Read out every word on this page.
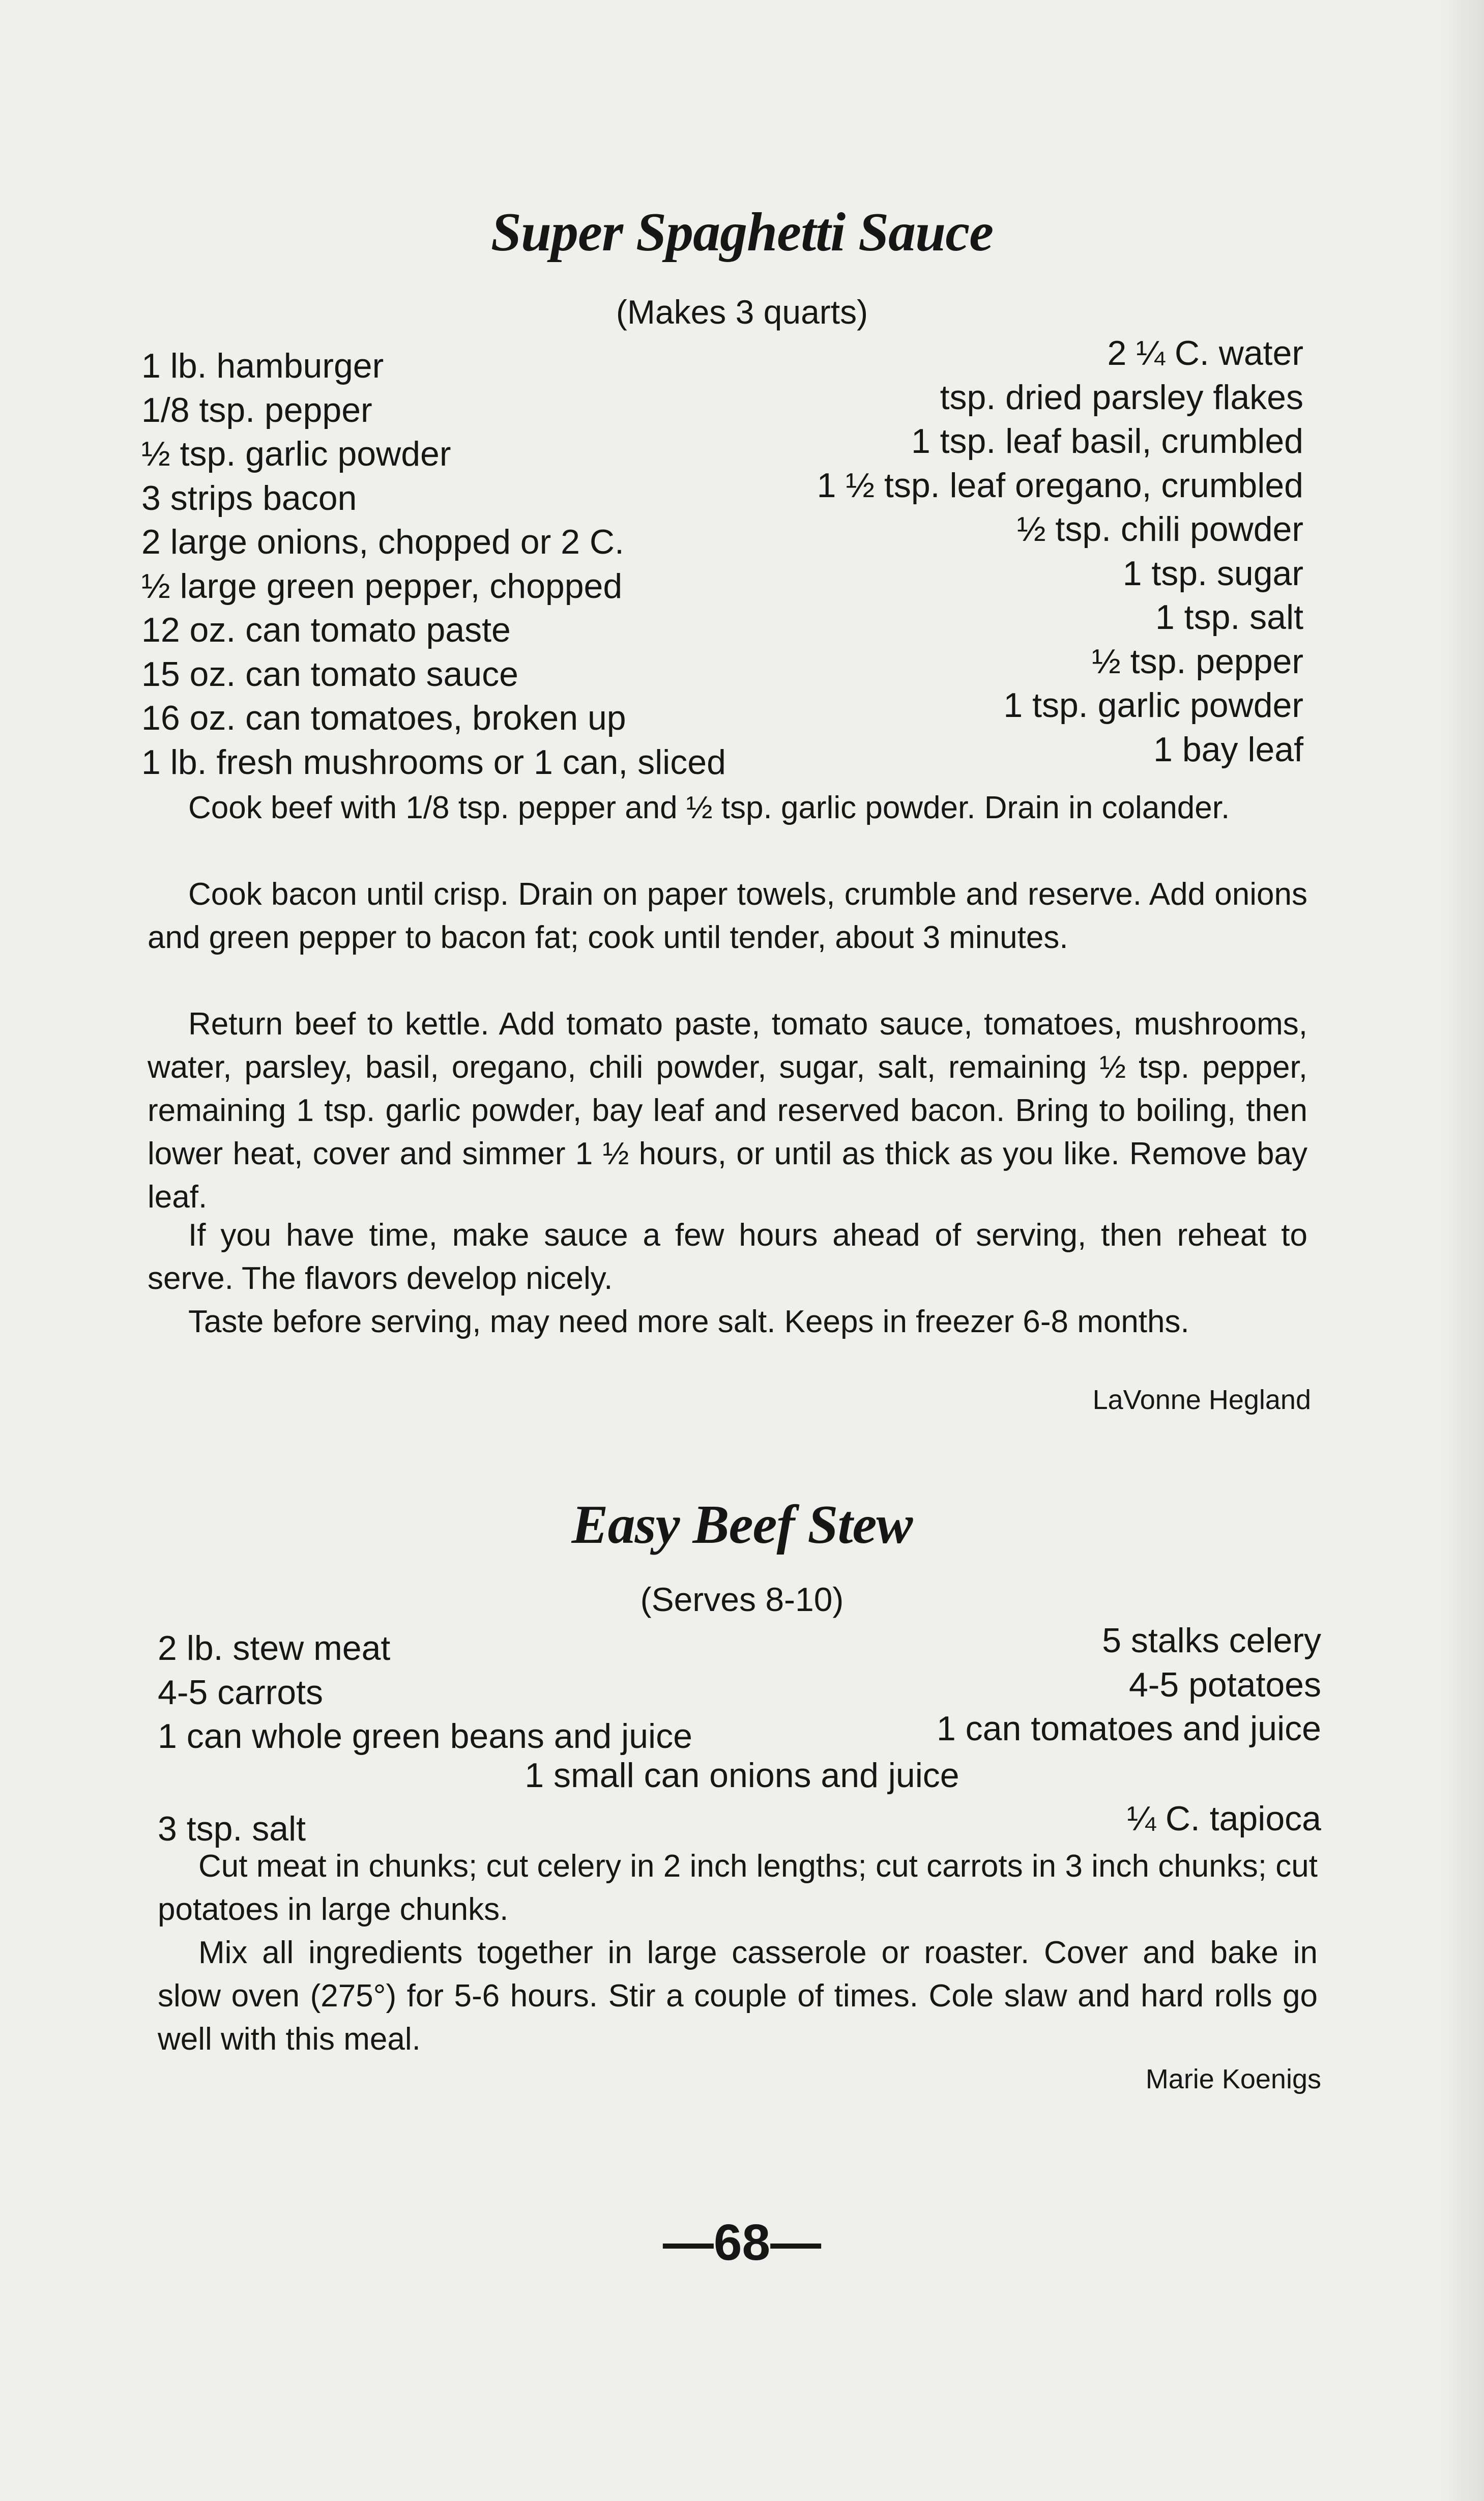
Super Spaghetti Sauce
(Makes 3 quarts)
1 lb. hamburger
1/8 tsp. pepper
½ tsp. garlic powder
3 strips bacon
2 large onions, chopped or 2 C.
½ large green pepper, chopped
12 oz. can tomato paste
15 oz. can tomato sauce
16 oz. can tomatoes, broken up
1 lb. fresh mushrooms or 1 can, sliced
2 ¼ C. water
tsp. dried parsley flakes
1 tsp. leaf basil, crumbled
1 ½ tsp. leaf oregano, crumbled
½ tsp. chili powder
1 tsp. sugar
1 tsp. salt
½ tsp. pepper
1 tsp. garlic powder
1 bay leaf
Cook beef with 1/8 tsp. pepper and ½ tsp. garlic powder. Drain in colander.
Cook bacon until crisp. Drain on paper towels, crumble and reserve. Add onions and green pepper to bacon fat; cook until tender, about 3 minutes.
Return beef to kettle. Add tomato paste, tomato sauce, tomatoes, mushrooms, water, parsley, basil, oregano, chili powder, sugar, salt, remaining ½ tsp. pepper, remaining 1 tsp. garlic powder, bay leaf and reserved bacon. Bring to boiling, then lower heat, cover and simmer 1 ½ hours, or until as thick as you like. Remove bay leaf.
If you have time, make sauce a few hours ahead of serving, then reheat to serve. The flavors develop nicely.
Taste before serving, may need more salt. Keeps in freezer 6-8 months.
LaVonne Hegland
Easy Beef Stew
(Serves 8-10)
2 lb. stew meat
4-5 carrots
1 can whole green beans and juice
5 stalks celery
4-5 potatoes
1 can tomatoes and juice
1 small can onions and juice
3 tsp. salt	¼ C. tapioca
Cut meat in chunks; cut celery in 2 inch lengths; cut carrots in 3 inch chunks; cut potatoes in large chunks.
Mix all ingredients together in large casserole or roaster. Cover and bake in slow oven (275°) for 5-6 hours. Stir a couple of times. Cole slaw and hard rolls go well with this meal.
Marie Koenigs
—68—
